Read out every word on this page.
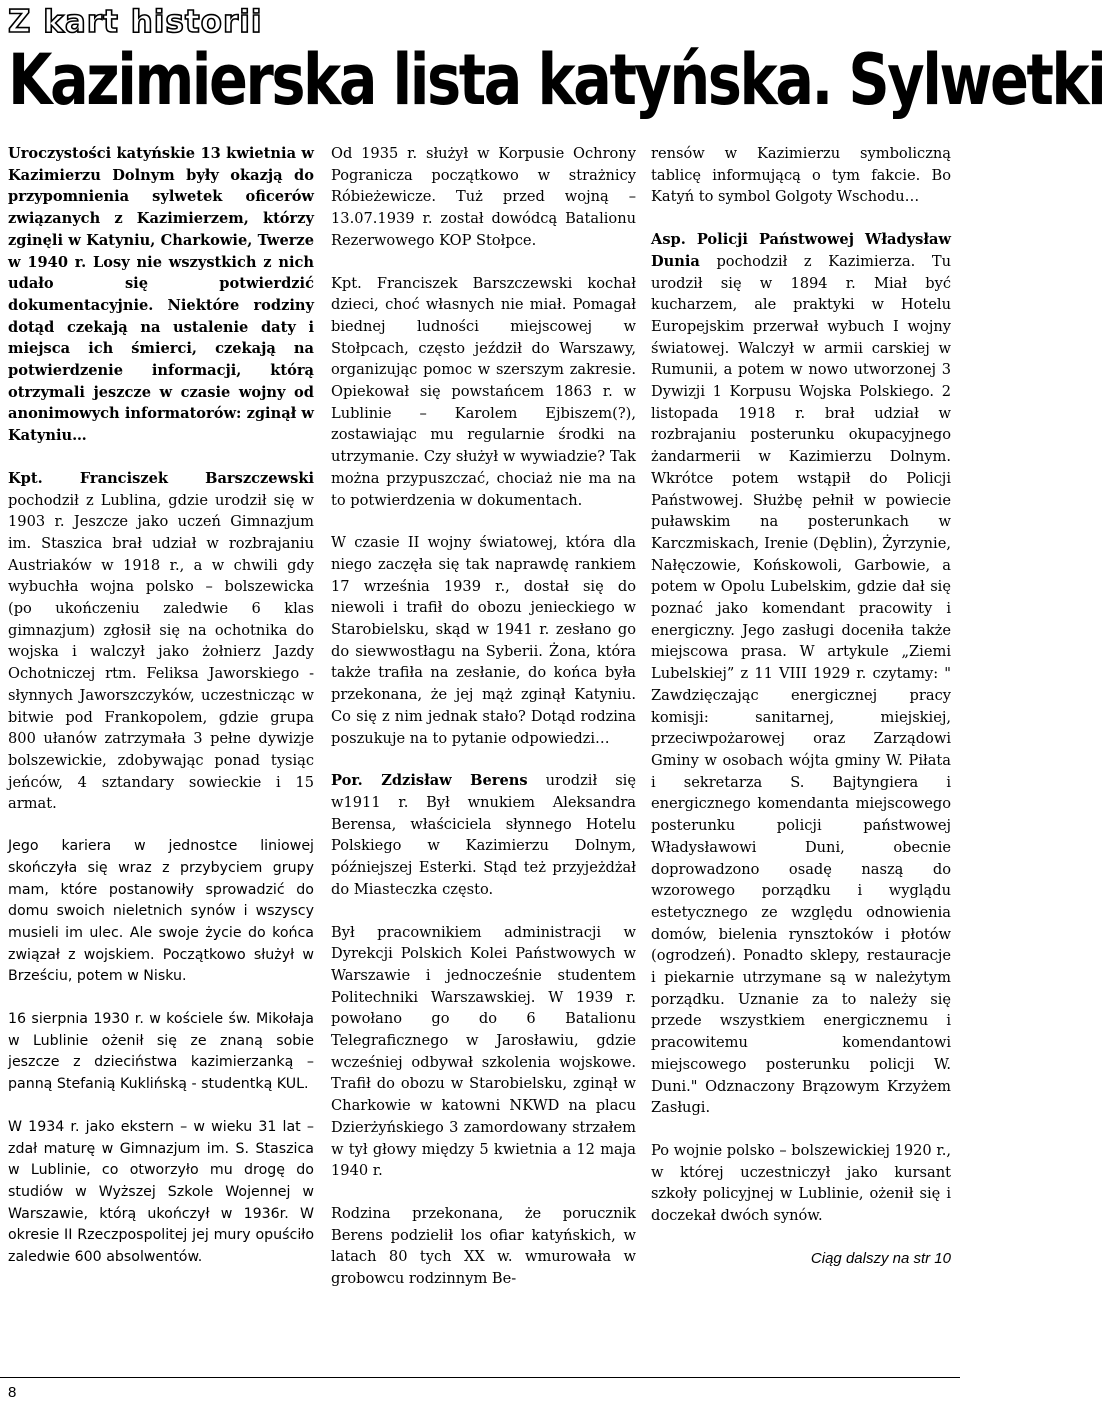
Z kart historii
Kazimierska lista katyńska. Sylwetki

Uroczystości katyńskie 13 kwietnia w Kazimierzu Dolnym były okazją do przypomnienia sylwetek oficerów związanych z Kazimierzem, którzy zginęli w Katyniu, Charkowie, Twerze w 1940 r. Losy nie wszystkich z nich udało się potwierdzić dokumentacyjnie. Niektóre rodziny dotąd czekają na ustalenie daty i miejsca ich śmierci, czekają na potwierdzenie informacji, którą otrzymali jeszcze w czasie wojny od anonimowych informatorów: zginął w Katyniu…

Kpt. Franciszek Barszczewski pochodził z Lublina, gdzie urodził się w 1903 r. Jeszcze jako uczeń Gimnazjum im. Staszica brał udział w rozbrajaniu Austriaków w 1918 r., a w chwili gdy wybuchła wojna polsko – bolszewicka (po ukończeniu zaledwie 6 klas gimnazjum) zgłosił się na ochotnika do wojska i walczył jako żołnierz Jazdy Ochotniczej rtm. Feliksa Jaworskiego - słynnych Jaworszczyków, uczestnicząc w bitwie pod Frankopolem, gdzie grupa 800 ułanów zatrzymała 3 pełne dywizje bolszewickie, zdobywając ponad tysiąc jeńców, 4 sztandary sowieckie i 15 armat.

Jego kariera w jednostce liniowej skończyła się wraz z przybyciem grupy mam, które postanowiły sprowadzić do domu swoich nieletnich synów i wszyscy musieli im ulec. Ale swoje życie do końca związał z wojskiem. Początkowo służył w Brześciu, potem w Nisku.

16 sierpnia 1930 r. w kościele św. Mikołaja w Lublinie ożenił się ze znaną sobie jeszcze z dzieciństwa kazimierzanką – panną Stefanią Kuklińską - studentką KUL.

W 1934 r. jako ekstern – w wieku 31 lat – zdał maturę w Gimnazjum im. S. Staszica w Lublinie, co otworzyło mu drogę do studiów w Wyższej Szkole Wojennej w Warszawie, którą ukończył w 1936r. W okresie II Rzeczpospolitej jej mury opuściło zaledwie 600 absolwentów.

Od 1935 r. służył w Korpusie Ochrony Pogranicza początkowo w strażnicy Róbieżewicze. Tuż przed wojną – 13.07.1939 r. został dowódcą Batalionu Rezerwowego KOP Stołpce.

Kpt. Franciszek Barszczewski kochał dzieci, choć własnych nie miał. Pomagał biednej ludności miejscowej w Stołpcach, często jeździł do Warszawy, organizując pomoc w szerszym zakresie. Opiekował się powstańcem 1863 r. w Lublinie – Karolem Ejbiszem(?), zostawiając mu regularnie środki na utrzymanie. Czy służył w wywiadzie? Tak można przypuszczać, chociaż nie ma na to potwierdzenia w dokumentach.

W czasie II wojny światowej, która dla niego zaczęła się tak naprawdę rankiem 17 września 1939 r., dostał się do niewoli i trafił do obozu jenieckiego w Starobielsku, skąd w 1941 r. zesłano go do siewwostłagu na Syberii. Żona, która także trafiła na zesłanie, do końca była przekonana, że jej mąż zginął Katyniu. Co się z nim jednak stało? Dotąd rodzina poszukuje na to pytanie odpowiedzi…

Por. Zdzisław Berens urodził się w1911 r. Był wnukiem Aleksandra Berensa, właściciela słynnego Hotelu Polskiego w Kazimierzu Dolnym, późniejszej Esterki. Stąd też przyjeżdżał do Miasteczka często.

Był pracownikiem administracji w Dyrekcji Polskich Kolei Państwowych w Warszawie i jednocześnie studentem Politechniki Warszawskiej. W 1939 r. powołano go do 6 Batalionu Telegraficznego w Jarosławiu, gdzie wcześniej odbywał szkolenia wojskowe. Trafił do obozu w Starobielsku, zginął w Charkowie w katowni NKWD na placu Dzierżyńskiego 3 zamordowany strzałem w tył głowy między 5 kwietnia a 12 maja 1940 r.

Rodzina przekonana, że porucznik Berens podzielił los ofiar katyńskich, w latach 80 tych XX w. wmurowała w grobowcu rodzinnym Be-

rensów w Kazimierzu symboliczną tablicę informującą o tym fakcie. Bo Katyń to symbol Golgoty Wschodu…

Asp. Policji Państwowej Władysław Dunia pochodził z Kazimierza. Tu urodził się w 1894 r. Miał być kucharzem, ale praktyki w Hotelu Europejskim przerwał wybuch I wojny światowej. Walczył w armii carskiej w Rumunii, a potem w nowo utworzonej 3 Dywizji 1 Korpusu Wojska Polskiego. 2 listopada 1918 r. brał udział w rozbrajaniu posterunku okupacyjnego żandarmerii w Kazimierzu Dolnym. Wkrótce potem wstąpił do Policji Państwowej. Służbę pełnił w powiecie puławskim na posterunkach w Karczmiskach, Irenie (Dęblin), Żyrzynie, Nałęczowie, Końskowoli, Garbowie, a potem w Opolu Lubelskim, gdzie dał się poznać jako komendant pracowity i energiczny. Jego zasługi doceniła także miejscowa prasa. W artykule „Ziemi Lubelskiej” z 11 VIII 1929 r. czytamy: " Zawdzięczając energicznej pracy komisji: sanitarnej, miejskiej, przeciwpożarowej oraz Zarządowi Gminy w osobach wójta gminy W. Piłata i sekretarza S. Bajtyngiera i energicznego komendanta miejscowego posterunku policji państwowej Władysławowi Duni, obecnie doprowadzono osadę naszą do wzorowego porządku i wyglądu estetycznego ze względu odnowienia domów, bielenia rynsztoków i płotów (ogrodzeń). Ponadto sklepy, restauracje i piekarnie utrzymane są w należytym porządku. Uznanie za to należy się przede wszystkiem energicznemu i pracowitemu komendantowi miejscowego posterunku policji W. Duni." Odznaczony Brązowym Krzyżem Zasługi.

Po wojnie polsko – bolszewickiej 1920 r., w której uczestniczył jako kursant szkoły policyjnej w Lublinie, ożenił się i doczekał dwóch synów.

Ciąg dalszy na str 10

8
